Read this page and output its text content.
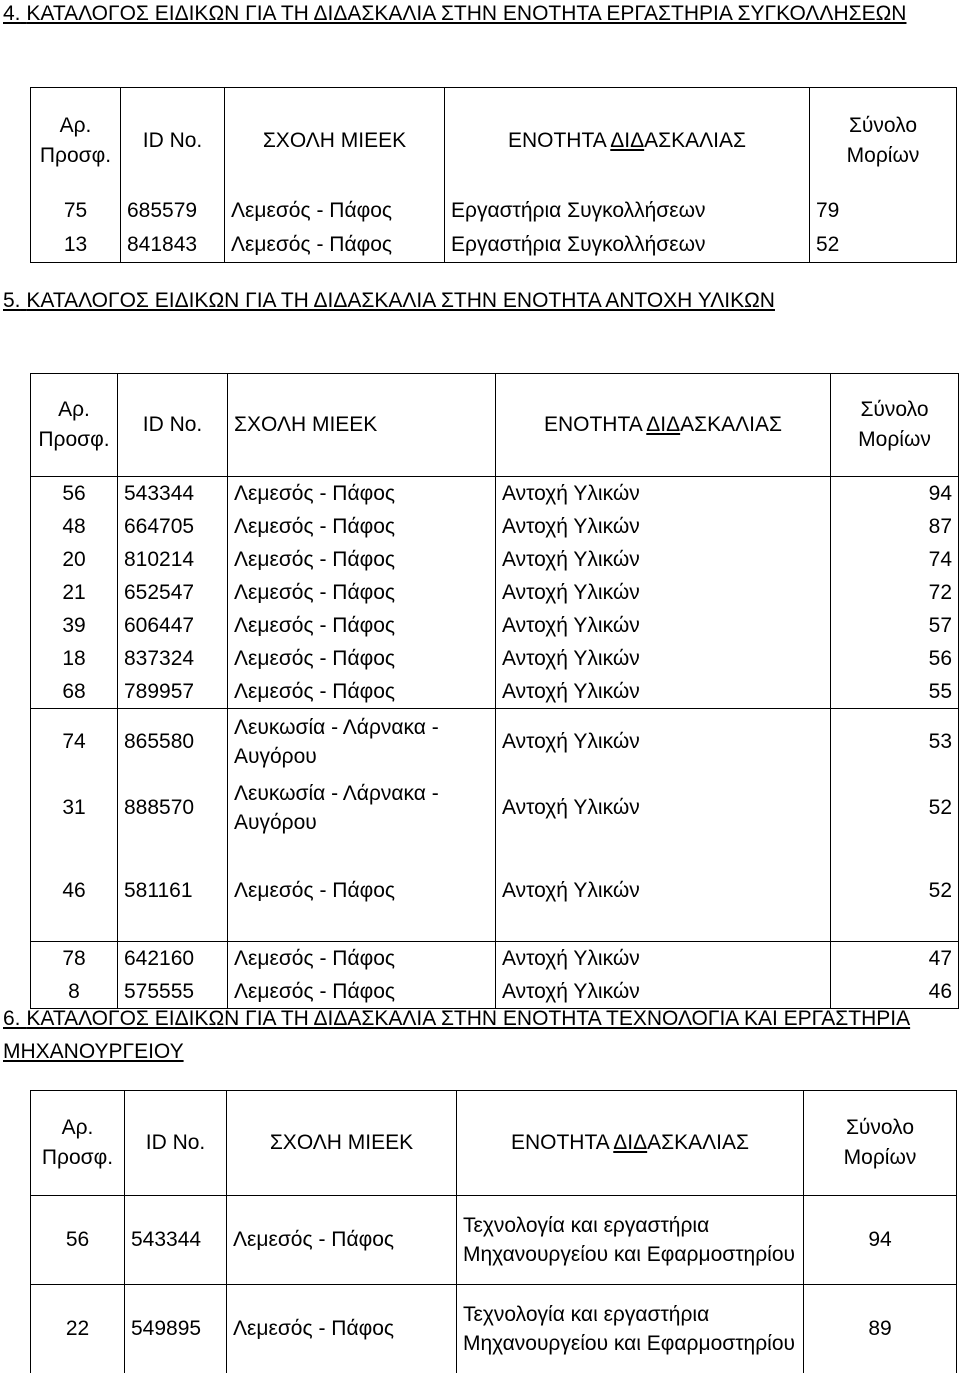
4. ΚΑΤΑΛΟΓΟΣ ΕΙΔΙΚΩΝ ΓΙΑ ΤΗ ΔΙΔΑΣΚΑΛΙΑ ΣΤΗΝ ΕΝΟΤΗΤΑ ΕΡΓΑΣΤΗΡΙΑ ΣΥΓΚΟΛΛΗΣΕΩΝ
Αρ.
Προσφ.	ID No.	ΣΧΟΛΗ ΜΙΕΕΚ	ΕΝΟΤΗΤΑ ΔΙΔΑΣΚΑΛΙΑΣ	Σύνολο
Μορίων
75	685579	Λεμεσός - Πάφος	Εργαστήρια Συγκολλήσεων	79
13	841843	Λεμεσός - Πάφος	Εργαστήρια Συγκολλήσεων	52
5. ΚΑΤΑΛΟΓΟΣ ΕΙΔΙΚΩΝ ΓΙΑ ΤΗ ΔΙΔΑΣΚΑΛΙΑ ΣΤΗΝ ΕΝΟΤΗΤΑ ΑΝΤΟΧΗ ΥΛΙΚΩΝ
Αρ.
Προσφ.	ID No.	ΣΧΟΛΗ ΜΙΕΕΚ	ΕΝΟΤΗΤΑ ΔΙΔΑΣΚΑΛΙΑΣ	Σύνολο
Μορίων
56	543344	Λεμεσός - Πάφος	Αντοχή Υλικών	94
48	664705	Λεμεσός - Πάφος	Αντοχή Υλικών	87
20	810214	Λεμεσός - Πάφος	Αντοχή Υλικών	74
21	652547	Λεμεσός - Πάφος	Αντοχή Υλικών	72
39	606447	Λεμεσός - Πάφος	Αντοχή Υλικών	57
18	837324	Λεμεσός - Πάφος	Αντοχή Υλικών	56
68	789957	Λεμεσός - Πάφος	Αντοχή Υλικών	55
74	865580	Λευκωσία - Λάρνακα - Αυγόρου	Αντοχή Υλικών	53
31	888570	Λευκωσία - Λάρνακα - Αυγόρου	Αντοχή Υλικών	52
46	581161	Λεμεσός - Πάφος	Αντοχή Υλικών	52
78	642160	Λεμεσός - Πάφος	Αντοχή Υλικών	47
8	575555	Λεμεσός - Πάφος	Αντοχή Υλικών	46
6. ΚΑΤΑΛΟΓΟΣ ΕΙΔΙΚΩΝ ΓΙΑ ΤΗ ΔΙΔΑΣΚΑΛΙΑ ΣΤΗΝ ΕΝΟΤΗΤΑ ΤΕΧΝΟΛΟΓΙΑ ΚΑΙ ΕΡΓΑΣΤΗΡΙΑ ΜΗΧΑΝΟΥΡΓΕΙΟΥ
Αρ.
Προσφ.	ID No.	ΣΧΟΛΗ ΜΙΕΕΚ	ΕΝΟΤΗΤΑ ΔΙΔΑΣΚΑΛΙΑΣ	Σύνολο
Μορίων
56	543344	Λεμεσός - Πάφος	Τεχνολογία και εργαστήρια Μηχανουργείου και Εφαρμοστηρίου	94
22	549895	Λεμεσός - Πάφος	Τεχνολογία και εργαστήρια Μηχανουργείου και Εφαρμοστηρίου	89
